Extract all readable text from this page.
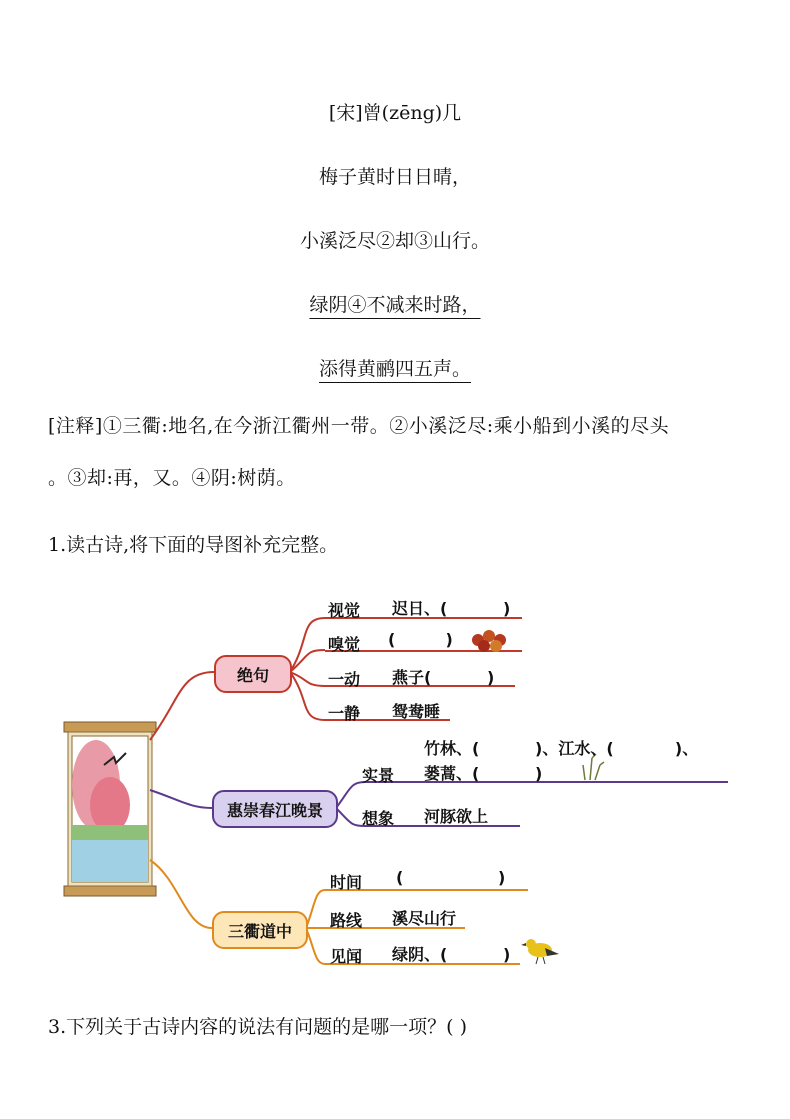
[宋]曾(zēng)几
梅子黄时日日晴，
小溪泛尽②却③山行。
绿阴④不减来时路，
添得黄鹂四五声。
[注释]①三衢:地名,在今浙江衢州一带。②小溪泛尽:乘小船到小溪的尽头
。③却:再，又。④阴:树荫。
1.读古诗,将下面的导图补充完整。
绝句
惠崇春江晚景
三衢道中
视觉 迟日、(          )
嗅觉 (         )
一动 燕子(          )
一静 鸳鸯睡
竹林、(          )、江水、(           )、
实景 蒌蒿、(          )
想象 河豚欲上
时间 (                 )
路线 溪尽山行
见闻 绿阴、(          )
3.下列关于古诗内容的说法有问题的是哪一项？( )
